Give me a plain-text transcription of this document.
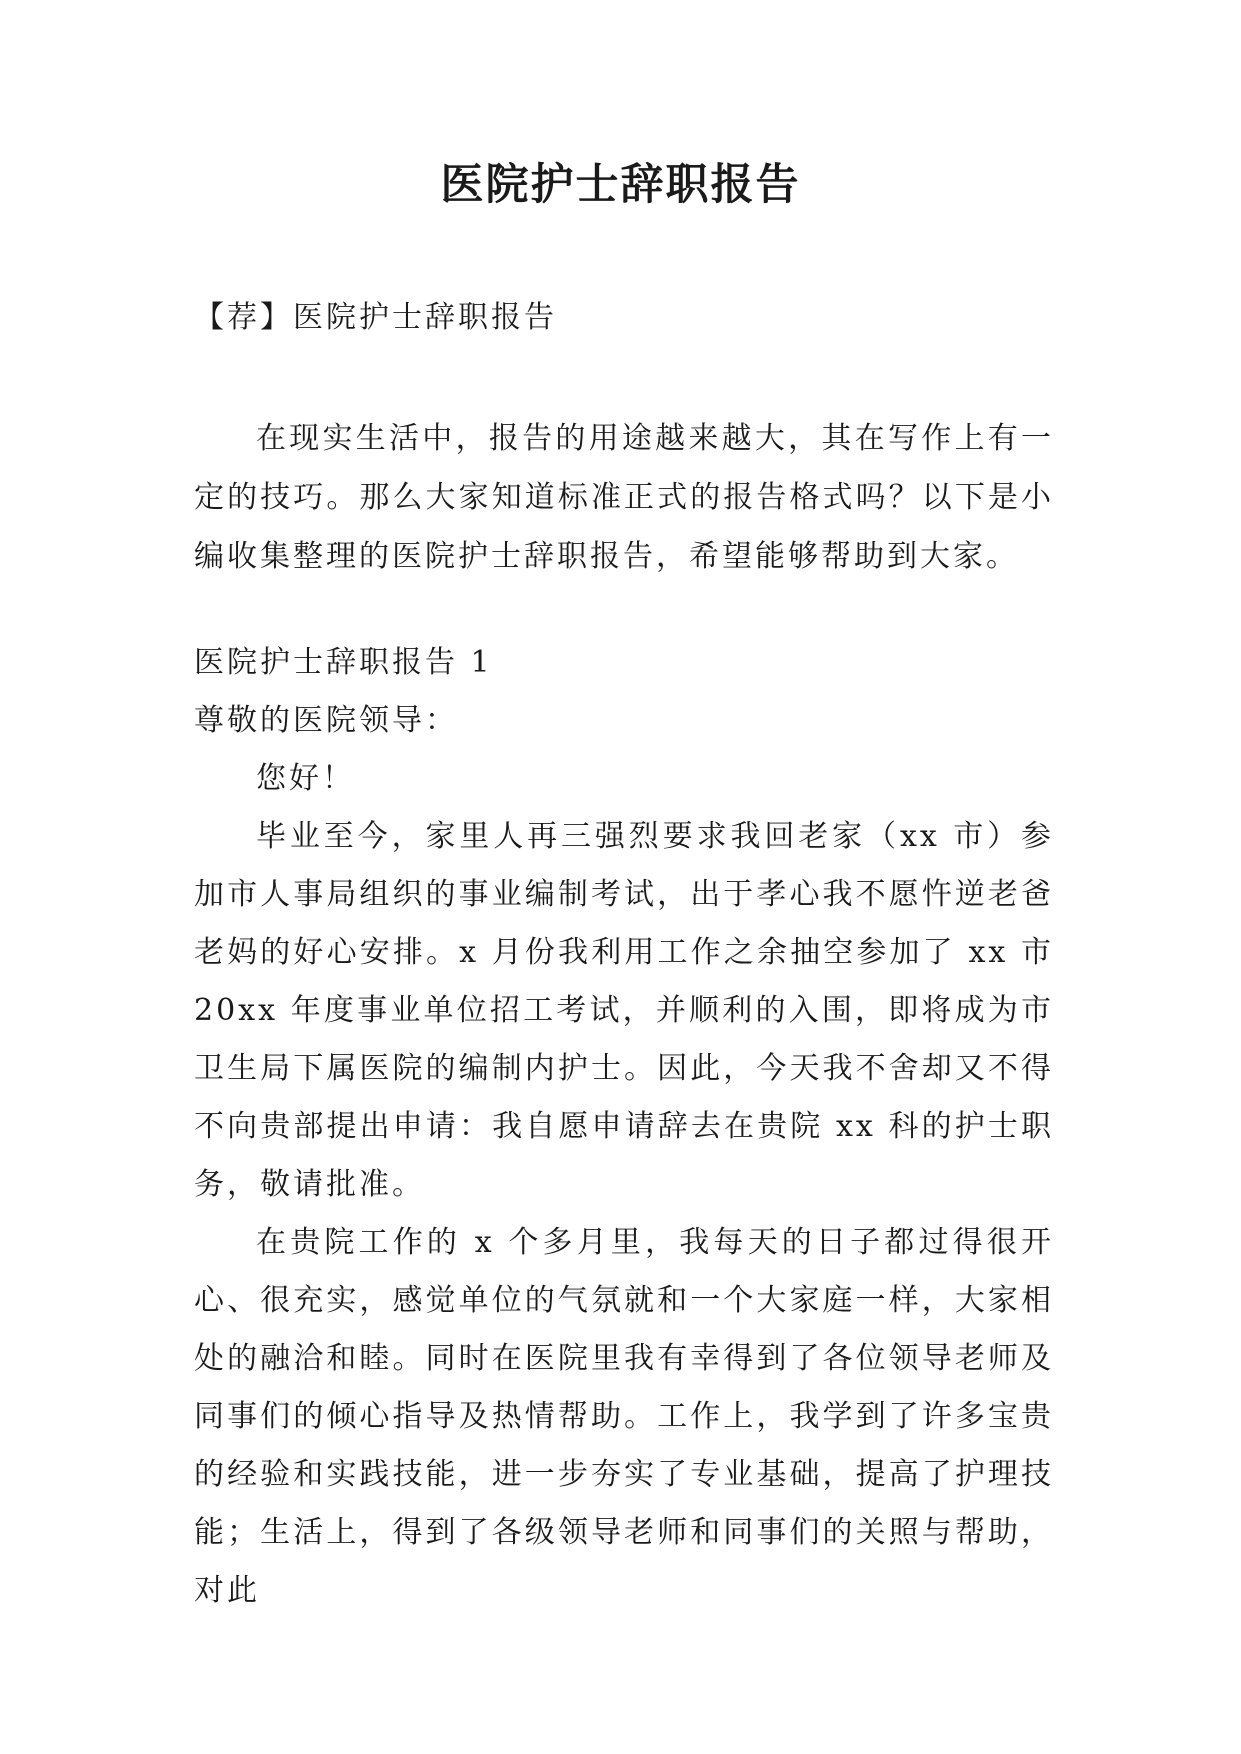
医院护士辞职报告

【荐】医院护士辞职报告

在现实生活中，报告的用途越来越大，其在写作上有一定的技巧。那么大家知道标准正式的报告格式吗？以下是小编收集整理的医院护士辞职报告，希望能够帮助到大家。

医院护士辞职报告 1

尊敬的医院领导：

您好！

毕业至今，家里人再三强烈要求我回老家（xx 市）参加市人事局组织的事业编制考试，出于孝心我不愿忤逆老爸老妈的好心安排。x 月份我利用工作之余抽空参加了 xx 市 20xx 年度事业单位招工考试，并顺利的入围，即将成为市卫生局下属医院的编制内护士。因此，今天我不舍却又不得不向贵部提出申请：我自愿申请辞去在贵院 xx 科的护士职务，敬请批准。

在贵院工作的 x 个多月里，我每天的日子都过得很开心、很充实，感觉单位的气氛就和一个大家庭一样，大家相处的融洽和睦。同时在医院里我有幸得到了各位领导老师及同事们的倾心指导及热情帮助。工作上，我学到了许多宝贵的经验和实践技能，进一步夯实了专业基础，提高了护理技能；生活上，得到了各级领导老师和同事们的关照与帮助，对此
